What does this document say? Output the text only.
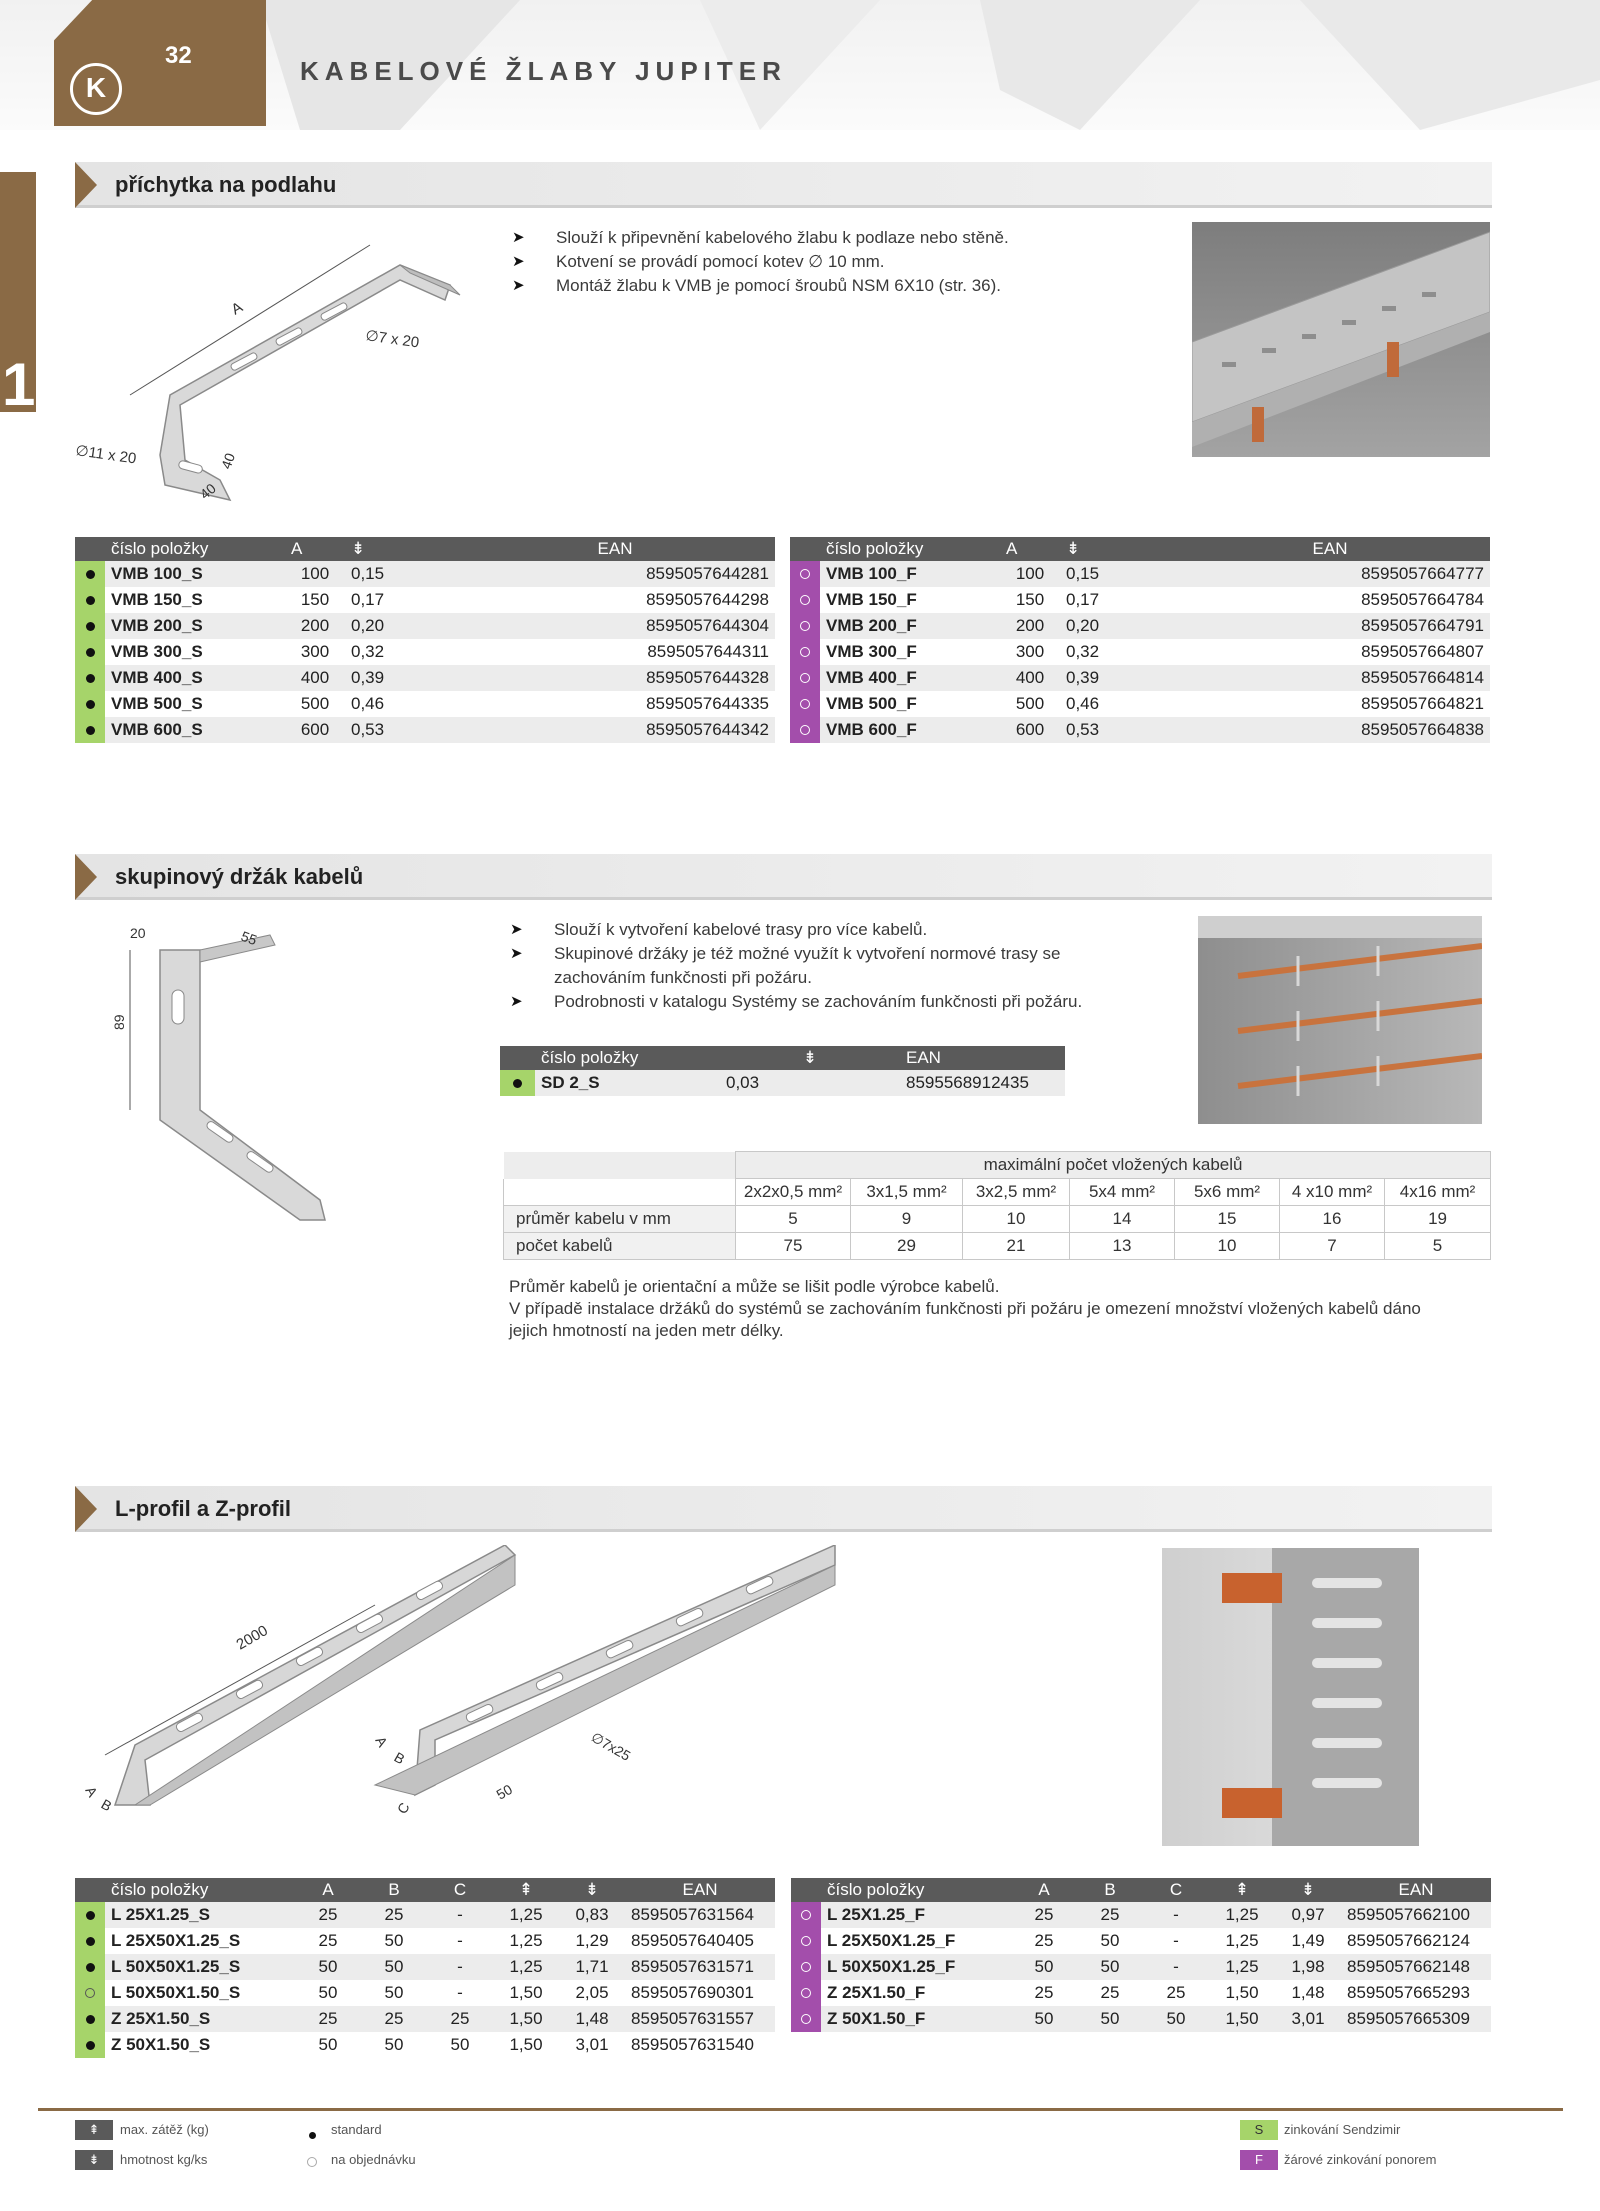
32
K
KABELOVÉ ŽLABY JUPITER
1
příchytka na podlahu
A
∅7 x 20
∅11 x 20	40
40
➤ Slouží k připevnění kabelového žlabu k podlaze nebo stěně.
➤ Kotvení se provádí pomocí kotev ∅ 10 mm.
➤ Montáž žlabu k VMB je pomocí šroubů NSM 6X10 (str. 36).
	číslo položky	A	⇟	EAN
	VMB 100_S	100	0,15	8595057644281
	VMB 150_S	150	0,17	8595057644298
	VMB 200_S	200	0,20	8595057644304
	VMB 300_S	300	0,32	8595057644311
	VMB 400_S	400	0,39	8595057644328
	VMB 500_S	500	0,46	8595057644335
	VMB 600_S	600	0,53	8595057644342
	číslo položky	A	⇟	EAN
	VMB 100_F	100	0,15	8595057664777
	VMB 150_F	150	0,17	8595057664784
	VMB 200_F	200	0,20	8595057664791
	VMB 300_F	300	0,32	8595057664807
	VMB 400_F	400	0,39	8595057664814
	VMB 500_F	500	0,46	8595057664821
	VMB 600_F	600	0,53	8595057664838
skupinový držák kabelů
20	55
89
➤ Slouží k vytvoření kabelové trasy pro více kabelů.
➤ Skupinové držáky je též možné využít k vytvoření normové trasy se zachováním funkčnosti při požáru.
➤ Podrobnosti v katalogu Systémy se zachováním funkčnosti při požáru.
	číslo položky	⇟	EAN
	SD 2_S	0,03	8595568912435
	maximální počet vložených kabelů						
	2x2x0,5 mm²	3x1,5 mm²	3x2,5 mm²	5x4 mm²	5x6 mm²	4 x10 mm²	4x16 mm²
průměr kabelu v mm	5	9	10	14	15	16	19
počet kabelů	75	29	21	13	10	7	5
Průměr kabelů je orientační a může se lišit podle výrobce kabelů.
V případě instalace držáků do systémů se zachováním funkčnosti při požáru je omezení množství vložených kabelů dáno
jejich hmotností na jeden metr délky.
L-profil a Z-profil
2000
A
B
A
B
C
50
∅7x25
	číslo položky	A	B	C	⇞	⇟	EAN
	L 25X1.25_S	25	25	-	1,25	0,83	8595057631564
	L 25X50X1.25_S	25	50	-	1,25	1,29	8595057640405
	L 50X50X1.25_S	50	50	-	1,25	1,71	8595057631571
	L 50X50X1.50_S	50	50	-	1,50	2,05	8595057690301
	Z 25X1.50_S	25	25	25	1,50	1,48	8595057631557
	Z 50X1.50_S	50	50	50	1,50	3,01	8595057631540
	číslo položky	A	B	C	⇞	⇟	EAN
	L 25X1.25_F	25	25	-	1,25	0,97	8595057662100
	L 25X50X1.25_F	25	50	-	1,25	1,49	8595057662124
	L 50X50X1.25_F	50	50	-	1,25	1,98	8595057662148
	Z 25X1.50_F	25	25	25	1,50	1,48	8595057665293
	Z 50X1.50_F	50	50	50	1,50	3,01	8595057665309
⇞	max. zátěž (kg)
⇟	hmotnost kg/ks
standard
na objednávku
S	zinkování Sendzimir
F	žárové zinkování ponorem
